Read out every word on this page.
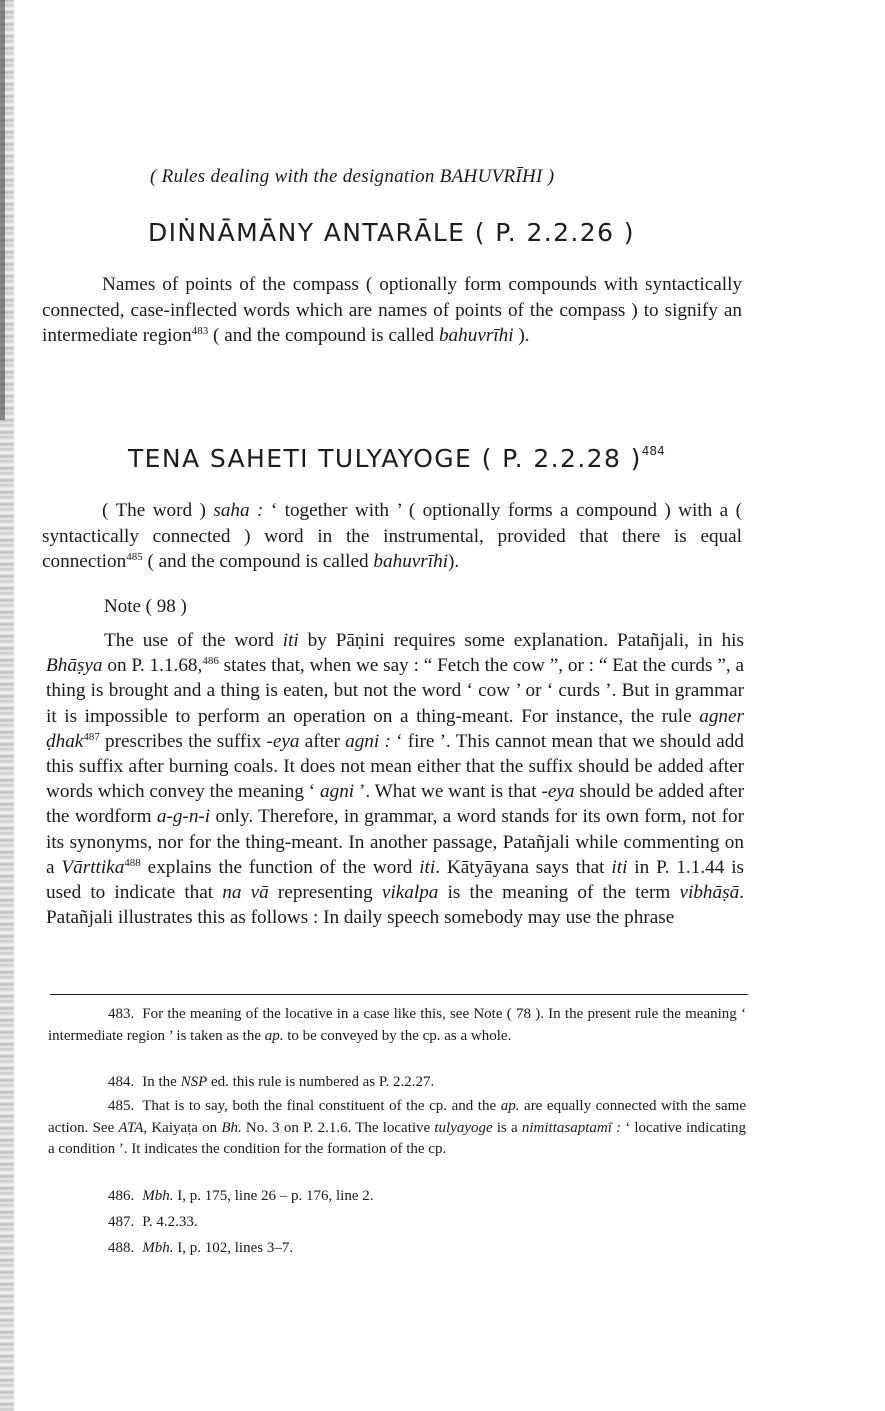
( Rules dealing with the designation BAHUVRĪHI )
DIṄNĀMĀNY ANTARĀLE ( P. 2.2.26 )

Names of points of the compass ( optionally form compounds with syntactically connected, case-inflected words which are names of points of the compass ) to signify an intermediate region$^{483}$ ( and the compound is called bahuvrīhi ).

TENA SAHETI TULYAYOGE ( P. 2.2.28 )$^{484}$

( The word ) saha : ‘ together with ’ ( optionally forms a compound ) with a ( syntactically connected ) word in the instrumental, provided that there is equal connection$^{485}$ ( and the compound is called bahuvrīhi).

Note ( 98 )

The use of the word iti by Pāṇini requires some explanation. Patañjali, in his Bhāṣya on P. 1.1.68,$^{486}$ states that, when we say : “ Fetch the cow ”, or : “ Eat the curds ”, a thing is brought and a thing is eaten, but not the word ‘ cow ’ or ‘ curds ’. But in grammar it is impossible to perform an operation on a thing-meant. For instance, the rule agner ḍhak$^{487}$ prescribes the suffix -eya after agni : ‘ fire ’. This cannot mean that we should add this suffix after burning coals. It does not mean either that the suffix should be added after words which convey the meaning ‘ agni ’. What we want is that -eya should be added after the wordform a-g-n-i only. Therefore, in grammar, a word stands for its own form, not for its synonyms, nor for the thing-meant. In another passage, Patañjali while commenting on a Vārttika$^{488}$ explains the function of the word iti. Kātyāyana says that iti in P. 1.1.44 is used to indicate that na vā representing vikalpa is the meaning of the term vibhāṣā. Patañjali illustrates this as follows : In daily speech somebody may use the phrase

483. For the meaning of the locative in a case like this, see Note ( 78 ). In the present rule the meaning ‘ intermediate region ’ is taken as the ap. to be conveyed by the cp. as a whole.

484. In the NSP ed. this rule is numbered as P. 2.2.27.

485. That is to say, both the final constituent of the cp. and the ap. are equally connected with the same action. See ATA, Kaiyaṭa on Bh. No. 3 on P. 2.1.6. The locative tulyayoge is a nimittasaptamī : ‘ locative indicating a condition ’. It indicates the condition for the formation of the cp.

486. Mbh. I, p. 175, line 26 – p. 176, line 2.

487. P. 4.2.33.

488. Mbh. I, p. 102, lines 3–7.
